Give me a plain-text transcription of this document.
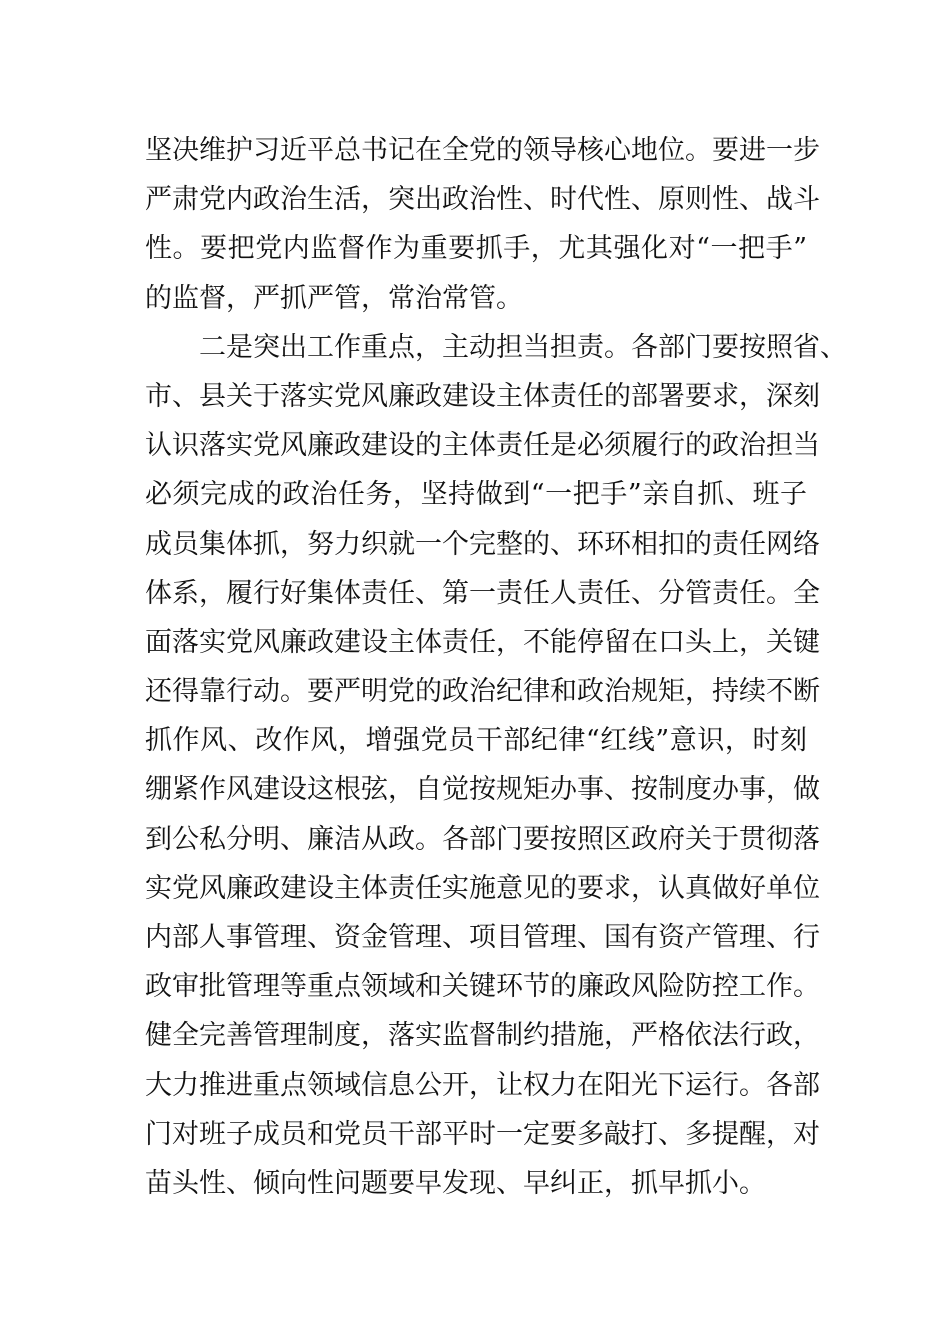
坚决维护习近平总书记在全党的领导核心地位。要进一步
严肃党内政治生活，突出政治性、时代性、原则性、战斗
性。要把党内监督作为重要抓手，尤其强化对“一把手”
的监督，严抓严管，常治常管。
二是突出工作重点，主动担当担责。各部门要按照省、
市、县关于落实党风廉政建设主体责任的部署要求，深刻
认识落实党风廉政建设的主体责任是必须履行的政治担当
必须完成的政治任务，坚持做到“一把手”亲自抓、班子
成员集体抓，努力织就一个完整的、环环相扣的责任网络
体系，履行好集体责任、第一责任人责任、分管责任。全
面落实党风廉政建设主体责任，不能停留在口头上，关键
还得靠行动。要严明党的政治纪律和政治规矩，持续不断
抓作风、改作风，增强党员干部纪律“红线”意识，时刻
绷紧作风建设这根弦，自觉按规矩办事、按制度办事，做
到公私分明、廉洁从政。各部门要按照区政府关于贯彻落
实党风廉政建设主体责任实施意见的要求，认真做好单位
内部人事管理、资金管理、项目管理、国有资产管理、行
政审批管理等重点领域和关键环节的廉政风险防控工作。
健全完善管理制度，落实监督制约措施，严格依法行政，
大力推进重点领域信息公开，让权力在阳光下运行。各部
门对班子成员和党员干部平时一定要多敲打、多提醒，对
苗头性、倾向性问题要早发现、早纠正，抓早抓小。
